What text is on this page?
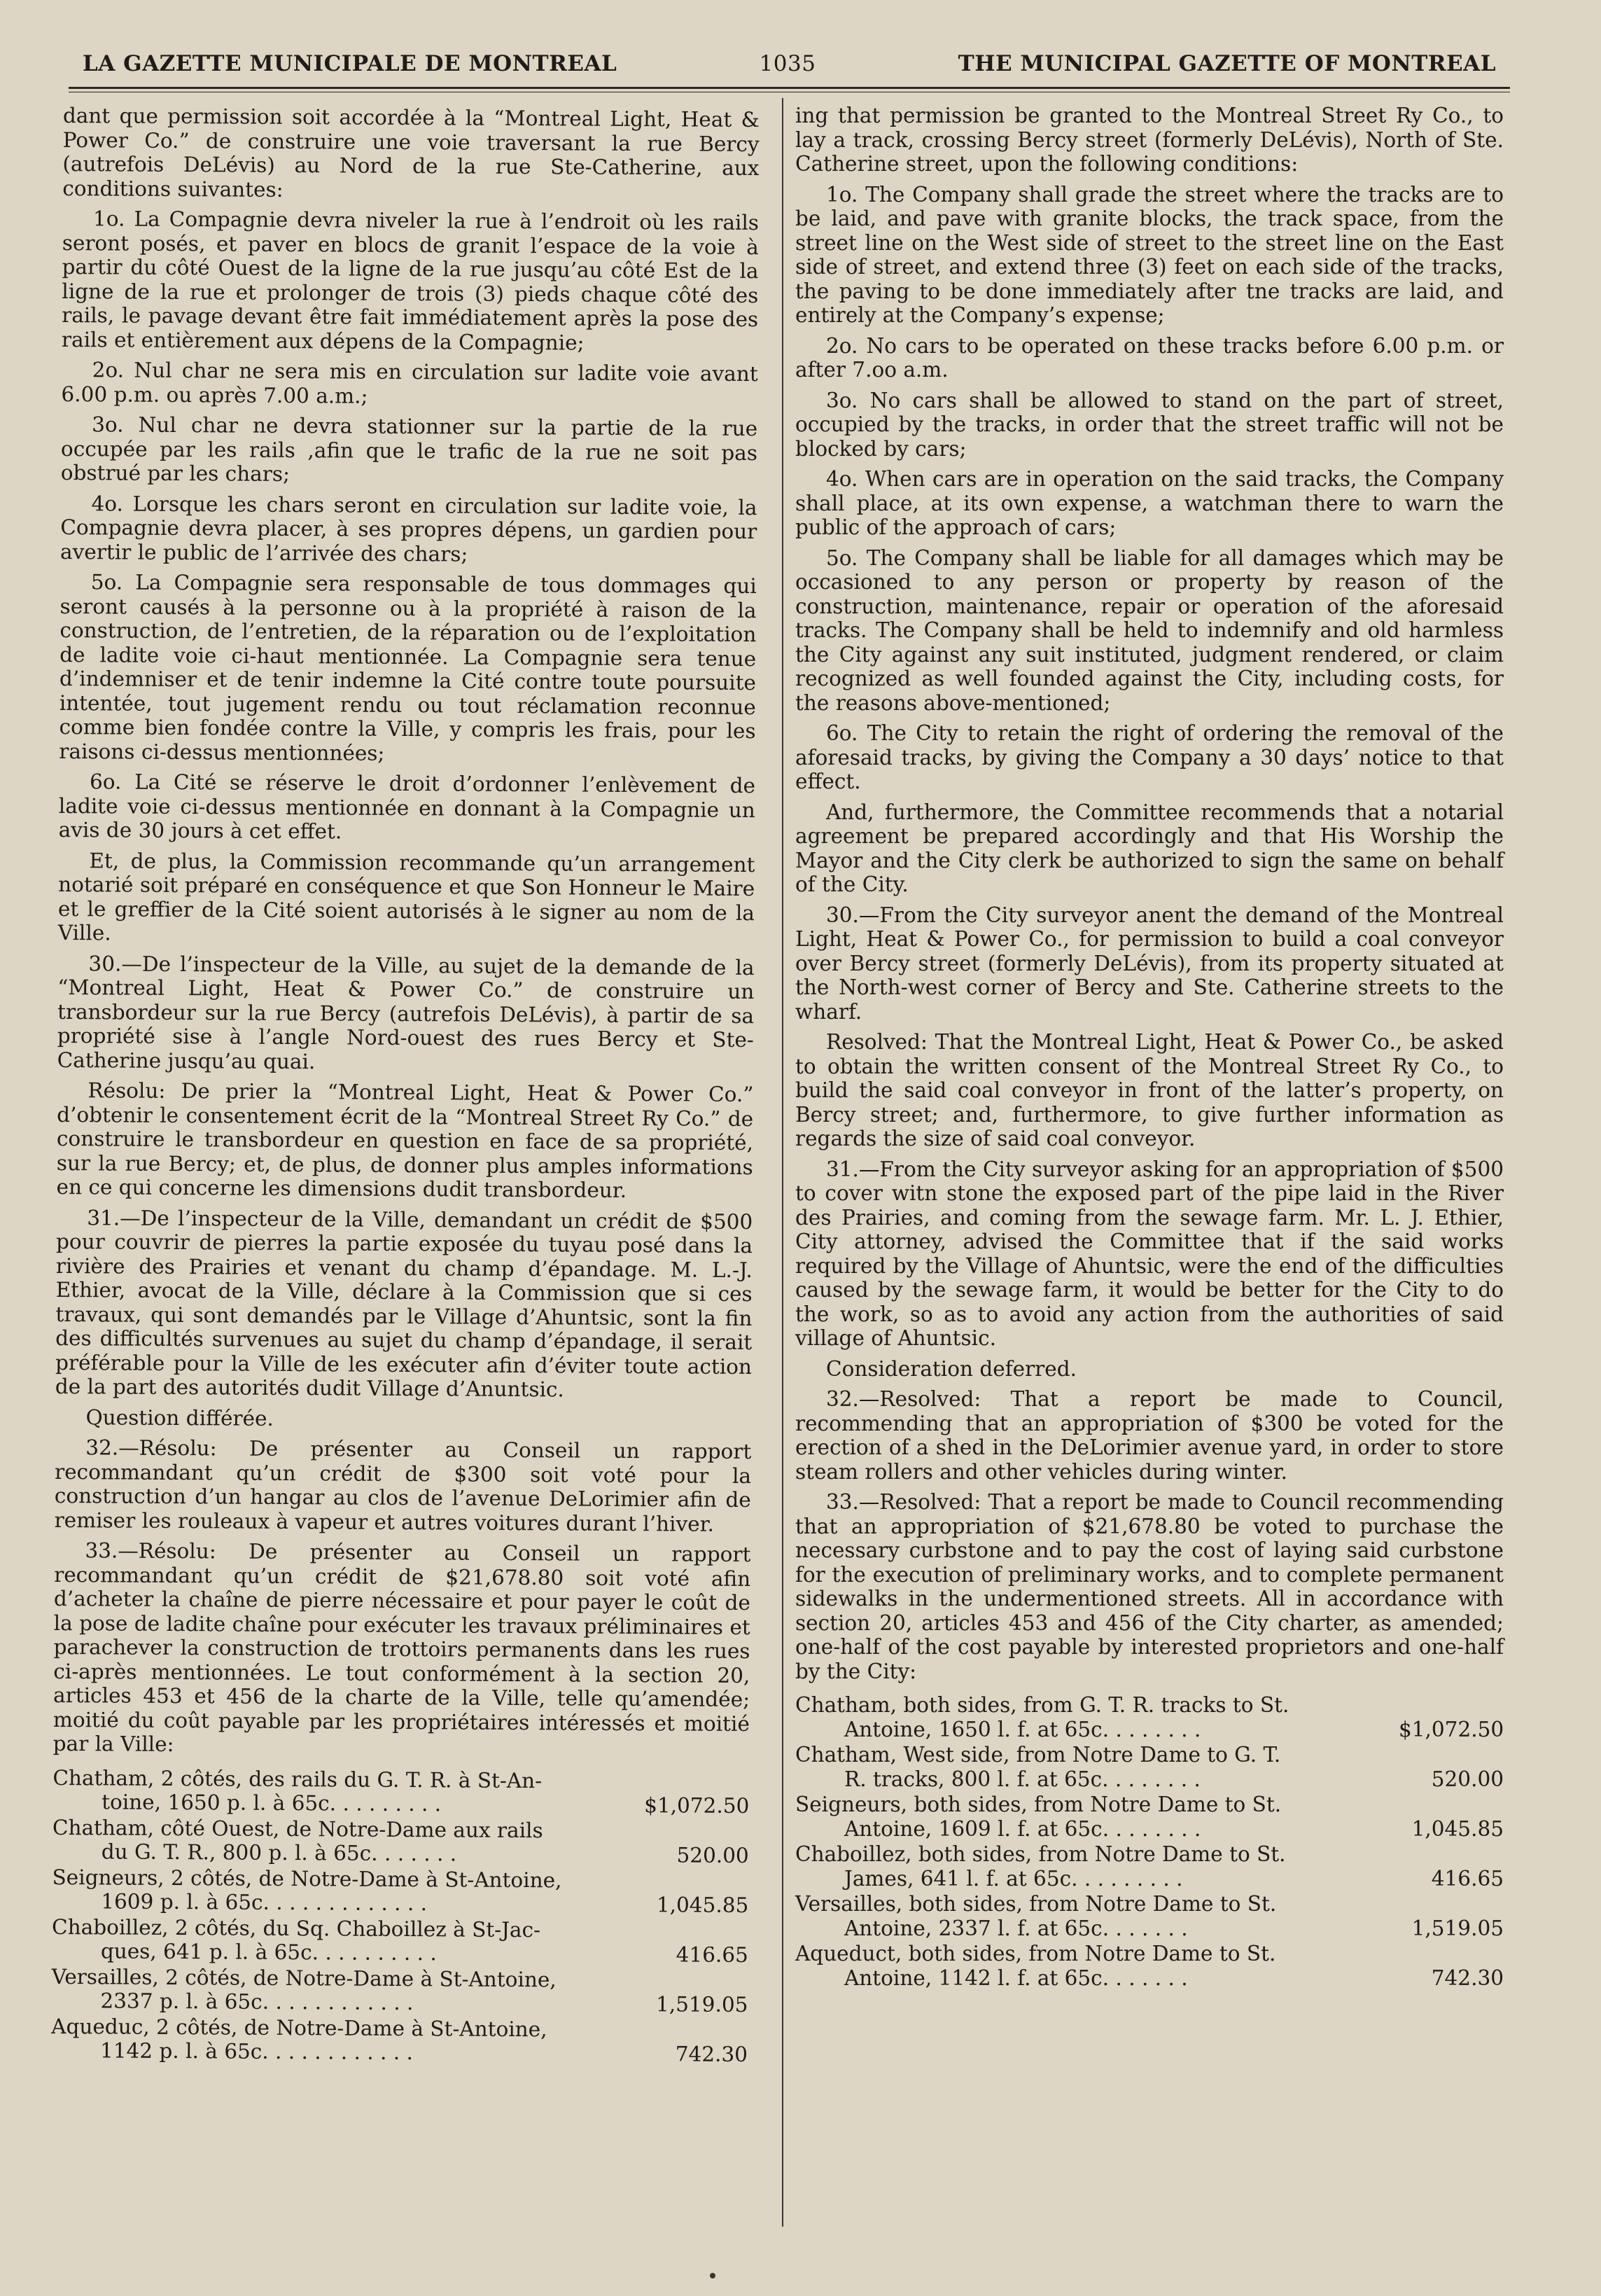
LA GAZETTE MUNICIPALE DE MONTREAL	1035	THE MUNICIPAL GAZETTE OF MONTREAL

dant que permission soit accordée à la “Montreal Light, Heat & Power Co.” de construire une voie traversant la rue Bercy (autrefois DeLévis) au Nord de la rue Ste-Catherine, aux conditions suivantes:

1o. La Compagnie devra niveler la rue à l’endroit où les rails seront posés, et paver en blocs de granit l’espace de la voie à partir du côté Ouest de la ligne de la rue jusqu’au côté Est de la ligne de la rue et prolonger de trois (3) pieds chaque côté des rails, le pavage devant être fait immédiatement après la pose des rails et entièrement aux dépens de la Compagnie;

2o. Nul char ne sera mis en circulation sur ladite voie avant 6.00 p.m. ou après 7.00 a.m.;

3o. Nul char ne devra stationner sur la partie de la rue occupée par les rails ,afin que le trafic de la rue ne soit pas obstrué par les chars;

4o. Lorsque les chars seront en circulation sur ladite voie, la Compagnie devra placer, à ses propres dépens, un gardien pour avertir le public de l’arrivée des chars;

5o. La Compagnie sera responsable de tous dommages qui seront causés à la personne ou à la propriété à raison de la construction, de l’entretien, de la réparation ou de l’exploitation de ladite voie ci-haut mentionnée. La Compagnie sera tenue d’indemniser et de tenir indemne la Cité contre toute poursuite intentée, tout jugement rendu ou tout réclamation reconnue comme bien fondée contre la Ville, y compris les frais, pour les raisons ci-dessus mentionnées;

6o. La Cité se réserve le droit d’ordonner l’enlèvement de ladite voie ci-dessus mentionnée en donnant à la Compagnie un avis de 30 jours à cet effet.

Et, de plus, la Commission recommande qu’un arrangement notarié soit préparé en conséquence et que Son Honneur le Maire et le greffier de la Cité soient autorisés à le signer au nom de la Ville.

30.—De l’inspecteur de la Ville, au sujet de la demande de la “Montreal Light, Heat & Power Co.” de construire un transbordeur sur la rue Bercy (autrefois DeLévis), à partir de sa propriété sise à l’angle Nord-ouest des rues Bercy et Ste-Catherine jusqu’au quai.

Résolu: De prier la “Montreal Light, Heat & Power Co.” d’obtenir le consentement écrit de la “Montreal Street Ry Co.” de construire le transbordeur en question en face de sa propriété, sur la rue Bercy; et, de plus, de donner plus amples informations en ce qui concerne les dimensions dudit transbordeur.

31.—De l’inspecteur de la Ville, demandant un crédit de $500 pour couvrir de pierres la partie exposée du tuyau posé dans la rivière des Prairies et venant du champ d’épandage. M. L.-J. Ethier, avocat de la Ville, déclare à la Commission que si ces travaux, qui sont demandés par le Village d’Ahuntsic, sont la fin des difficultés survenues au sujet du champ d’épandage, il serait préférable pour la Ville de les exécuter afin d’éviter toute action de la part des autorités dudit Village d’Anuntsic.

Question différée.

32.—Résolu: De présenter au Conseil un rapport recommandant qu’un crédit de $300 soit voté pour la construction d’un hangar au clos de l’avenue DeLorimier afin de remiser les rouleaux à vapeur et autres voitures durant l’hiver.

33.—Résolu: De présenter au Conseil un rapport recommandant qu’un crédit de $21,678.80 soit voté afin d’acheter la chaîne de pierre nécessaire et pour payer le coût de la pose de ladite chaîne pour exécuter les travaux préliminaires et parachever la construction de trottoirs permanents dans les rues ci-après mentionnées. Le tout conformément à la section 20, articles 453 et 456 de la charte de la Ville, telle qu’amendée; moitié du coût payable par les propriétaires intéressés et moitié par la Ville:

Chatham, 2 côtés, des rails du G. T. R. à St-An-
toine, 1650 p. l. à 65c. . . . . . . . .	$1,072.50
Chatham, côté Ouest, de Notre-Dame aux rails
du G. T. R., 800 p. l. à 65c. . . . . . .	520.00
Seigneurs, 2 côtés, de Notre-Dame à St-Antoine,
1609 p. l. à 65c. . . . . . . . . . . . .	1,045.85
Chaboillez, 2 côtés, du Sq. Chaboillez à St-Jac-
ques, 641 p. l. à 65c. . . . . . . . . .	416.65
Versailles, 2 côtés, de Notre-Dame à St-Antoine,
2337 p. l. à 65c. . . . . . . . . . . .	1,519.05
Aqueduc, 2 côtés, de Notre-Dame à St-Antoine,
1142 p. l. à 65c. . . . . . . . . . . .	742.30

ing that permission be granted to the Montreal Street Ry Co., to lay a track, crossing Bercy street (formerly DeLévis), North of Ste. Catherine street, upon the following conditions:

1o. The Company shall grade the street where the tracks are to be laid, and pave with granite blocks, the track space, from the street line on the West side of street to the street line on the East side of street, and extend three (3) feet on each side of the tracks, the paving to be done immediately after tne tracks are laid, and entirely at the Company’s expense;

2o. No cars to be operated on these tracks before 6.00 p.m. or after 7.oo a.m.

3o. No cars shall be allowed to stand on the part of street, occupied by the tracks, in order that the street traffic will not be blocked by cars;

4o. When cars are in operation on the said tracks, the Company shall place, at its own expense, a watchman there to warn the public of the approach of cars;

5o. The Company shall be liable for all damages which may be occasioned to any person or property by reason of the construction, maintenance, repair or operation of the aforesaid tracks. The Company shall be held to indemnify and old harmless the City against any suit instituted, judgment rendered, or claim recognized as well founded against the City, including costs, for the reasons above-mentioned;

6o. The City to retain the right of ordering the removal of the aforesaid tracks, by giving the Company a 30 days’ notice to that effect.

And, furthermore, the Committee recommends that a notarial agreement be prepared accordingly and that His Worship the Mayor and the City clerk be authorized to sign the same on behalf of the City.

30.—From the City surveyor anent the demand of the Montreal Light, Heat & Power Co., for permission to build a coal conveyor over Bercy street (formerly DeLévis), from its property situated at the North-west corner of Bercy and Ste. Catherine streets to the wharf.

Resolved: That the Montreal Light, Heat & Power Co., be asked to obtain the written consent of the Montreal Street Ry Co., to build the said coal conveyor in front of the latter’s property, on Bercy street; and, furthermore, to give further information as regards the size of said coal conveyor.

31.—From the City surveyor asking for an appropriation of $500 to cover witn stone the exposed part of the pipe laid in the River des Prairies, and coming from the sewage farm. Mr. L. J. Ethier, City attorney, advised the Committee that if the said works required by the Village of Ahuntsic, were the end of the difficulties caused by the sewage farm, it would be better for the City to do the work, so as to avoid any action from the authorities of said village of Ahuntsic.

Consideration deferred.

32.—Resolved: That a report be made to Council, recommending that an appropriation of $300 be voted for the erection of a shed in the DeLorimier avenue yard, in order to store steam rollers and other vehicles during winter.

33.—Resolved: That a report be made to Council recommending that an appropriation of $21,678.80 be voted to purchase the necessary curbstone and to pay the cost of laying said curbstone for the execution of preliminary works, and to complete permanent sidewalks in the undermentioned streets. All in accordance with section 20, articles 453 and 456 of the City charter, as amended; one-half of the cost payable by interested proprietors and one-half by the City:

Chatham, both sides, from G. T. R. tracks to St.
Antoine, 1650 l. f. at 65c. . . . . . . .	$1,072.50
Chatham, West side, from Notre Dame to G. T.
R. tracks, 800 l. f. at 65c. . . . . . . .	520.00
Seigneurs, both sides, from Notre Dame to St.
Antoine, 1609 l. f. at 65c. . . . . . . .	1,045.85
Chaboillez, both sides, from Notre Dame to St.
James, 641 l. f. at 65c. . . . . . . . .	416.65
Versailles, both sides, from Notre Dame to St.
Antoine, 2337 l. f. at 65c. . . . . . .	1,519.05
Aqueduct, both sides, from Notre Dame to St.
Antoine, 1142 l. f. at 65c. . . . . . .	742.30
